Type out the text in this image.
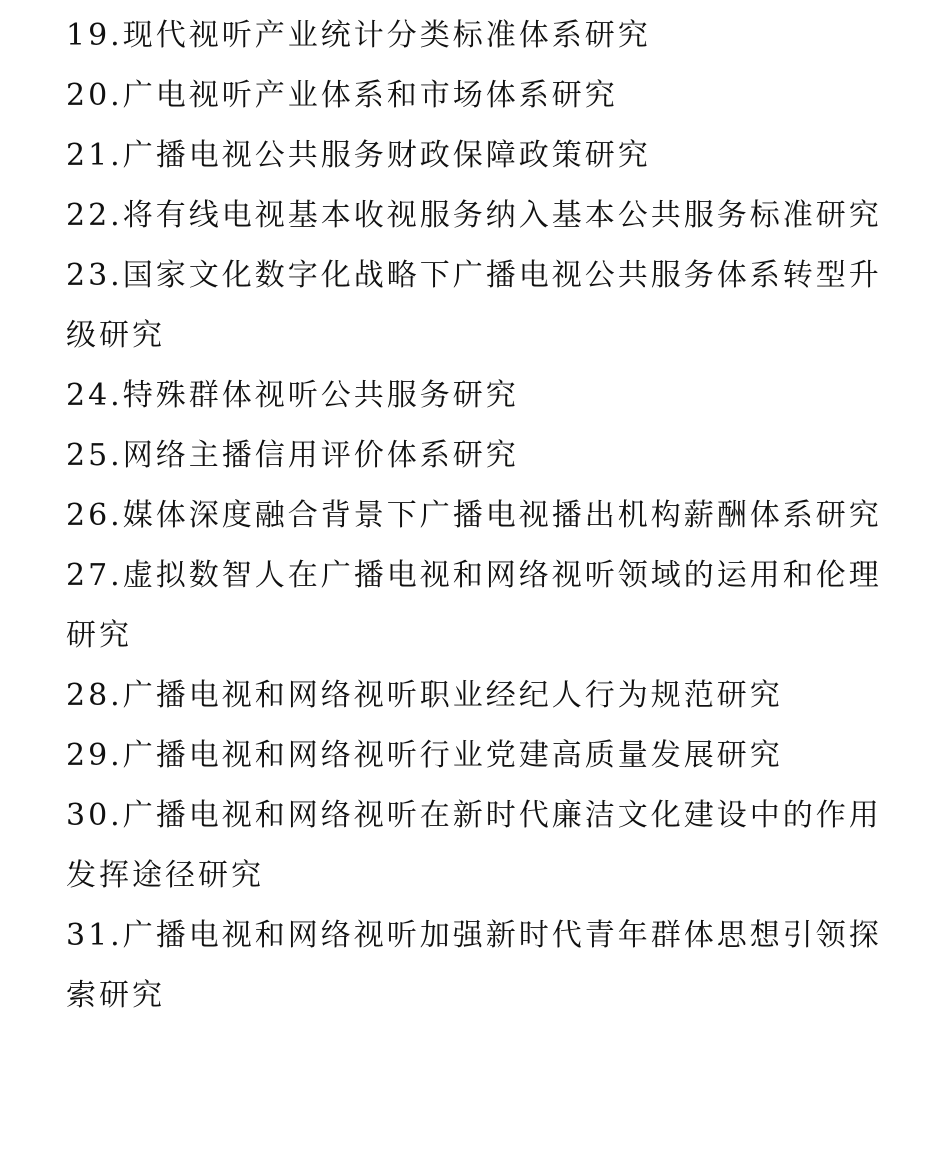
19.现代视听产业统计分类标准体系研究
20.广电视听产业体系和市场体系研究
21.广播电视公共服务财政保障政策研究
22.将有线电视基本收视服务纳入基本公共服务标准研究
23.国家文化数字化战略下广播电视公共服务体系转型升级研究
24.特殊群体视听公共服务研究
25.网络主播信用评价体系研究
26.媒体深度融合背景下广播电视播出机构薪酬体系研究
27.虚拟数智人在广播电视和网络视听领域的运用和伦理研究
28.广播电视和网络视听职业经纪人行为规范研究
29.广播电视和网络视听行业党建高质量发展研究
30.广播电视和网络视听在新时代廉洁文化建设中的作用发挥途径研究
31.广播电视和网络视听加强新时代青年群体思想引领探索研究
